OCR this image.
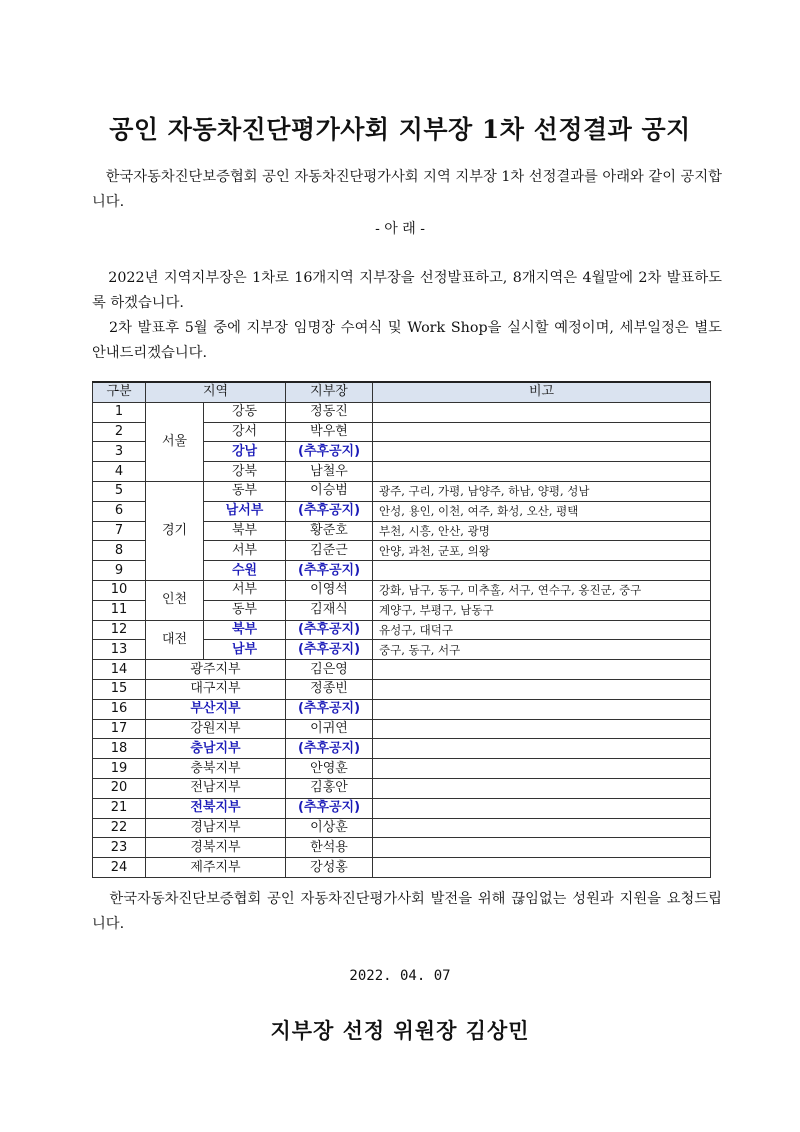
공인 자동차진단평가사회 지부장 1차 선정결과 공지
한국자동차진단보증협회 공인 자동차진단평가사회 지역 지부장 1차 선정결과를 아래와 같이 공지합니다.
- 아 래 -
2022년 지역지부장은 1차로 16개지역 지부장을 선정발표하고, 8개지역은 4월말에 2차 발표하도록 하겠습니다.
2차 발표후 5월 중에 지부장 임명장 수여식 및 Work Shop을 실시할 예정이며, 세부일정은 별도 안내드리겠습니다.
구분	지역		지부장	비고
1	서울	강동	정동진	
2		강서	박우현	
3		강남	(추후공지)	
4		강북	남철우	
5	경기	동부	이승범	광주, 구리, 가평, 남양주, 하남, 양평, 성남
6		남서부	(추후공지)	안성, 용인, 이천, 여주, 화성, 오산, 평택
7		북부	황준호	부천, 시흥, 안산, 광명
8		서부	김준근	안양, 과천, 군포, 의왕
9		수원	(추후공지)	
10	인천	서부	이영석	강화, 남구, 동구, 미추홀, 서구, 연수구, 옹진군, 중구
11		동부	김재식	계양구, 부평구, 남동구
12	대전	북부	(추후공지)	유성구, 대덕구
13		남부	(추후공지)	중구, 동구, 서구
14	광주지부		김은영	
15	대구지부		정종빈	
16	부산지부		(추후공지)	
17	강원지부		이귀연	
18	충남지부		(추후공지)	
19	충북지부		안영훈	
20	전남지부		김홍안	
21	전북지부		(추후공지)	
22	경남지부		이상훈	
23	경북지부		한석용	
24	제주지부		강성홍	
한국자동차진단보증협회 공인 자동차진단평가사회 발전을 위해 끊임없는 성원과 지원을 요청드립니다.
2022. 04. 07
지부장 선정 위원장 김상민
